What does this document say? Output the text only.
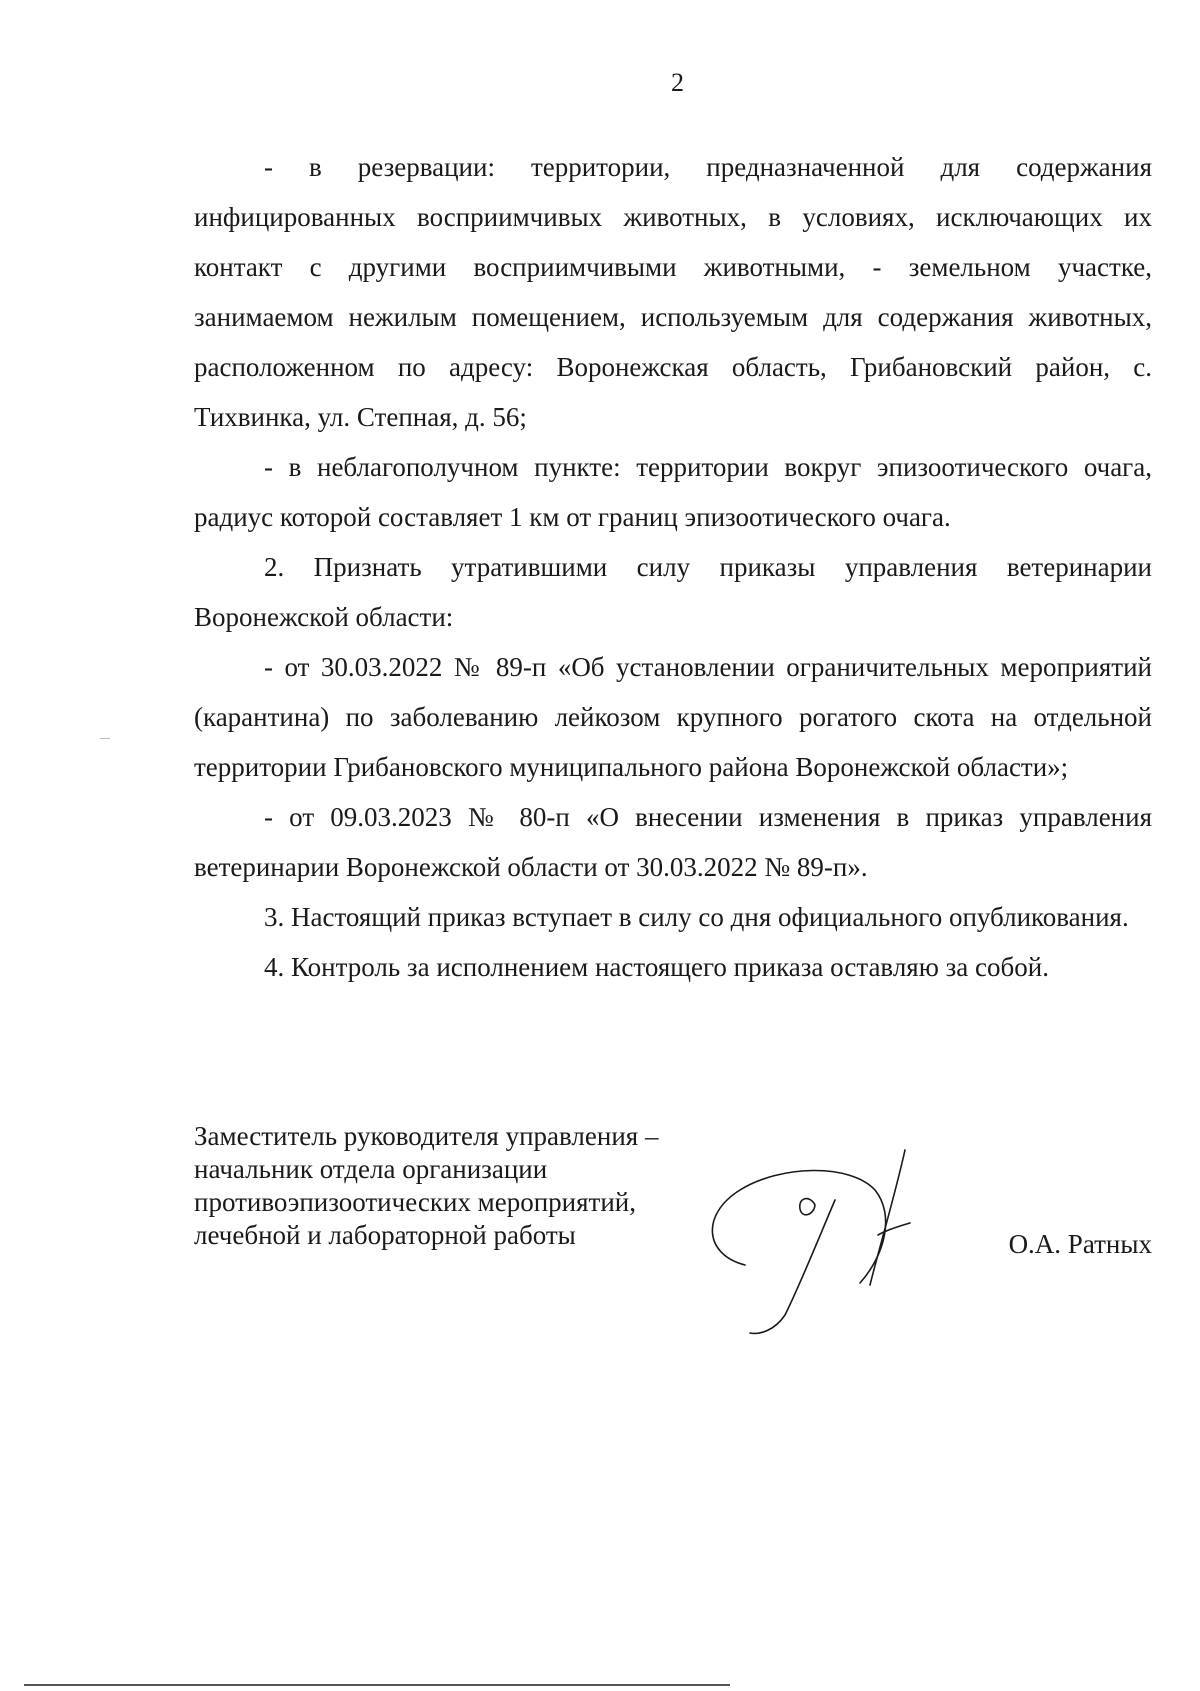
2

- в резервации: территории, предназначенной для содержания инфицированных восприимчивых животных, в условиях, исключающих их контакт с другими восприимчивыми животными, - земельном участке, занимаемом нежилым помещением, используемым для содержания животных, расположенном по адресу: Воронежская область, Грибановский район, с. Тихвинка, ул. Степная, д. 56;

- в неблагополучном пункте: территории вокруг эпизоотического очага, радиус которой составляет 1 км от границ эпизоотического очага.

2. Признать утратившими силу приказы управления ветеринарии Воронежской области:

- от 30.03.2022 № 89-п «Об установлении ограничительных мероприятий (карантина) по заболеванию лейкозом крупного рогатого скота на отдельной территории Грибановского муниципального района Воронежской области»;

- от 09.03.2023 № 80-п «О внесении изменения в приказ управления ветеринарии Воронежской области от 30.03.2022 № 89-п».

3. Настоящий приказ вступает в силу со дня официального опубликования.

4. Контроль за исполнением настоящего приказа оставляю за собой.

Заместитель руководителя управления –
начальник отдела организации
противоэпизоотических мероприятий,
лечебной и лабораторной работы	О.А. Ратных
